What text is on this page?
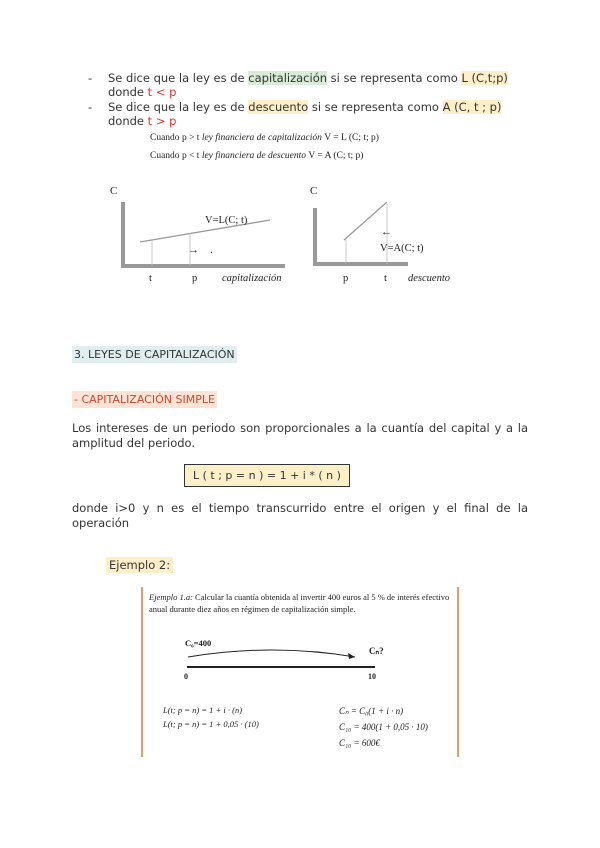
- Se dice que la ley es de capitalización si se representa como L (C,t;p)
donde t < p
- Se dice que la ley es de descuento si se representa como A (C, t ; p)
donde t > p
Cuando p > t ley financiera de capitalización V = L (C; t; p)
Cuando p < t ley financiera de descuento V = A (C; t; p)
C
V=L(C; t)
→ .
t	p capitalización
C
←
V=A(C; t)
p	t descuento
3. LEYES DE CAPITALIZACIÓN
- CAPITALIZACIÓN SIMPLE
Los intereses de un periodo son proporcionales a la cuantía del capital y a la amplitud del periodo.
L ( t ; p = n ) = 1 + i * ( n )
donde i>0 y n es el tiempo transcurrido entre el origen y el final de la operación
Ejemplo 2:
Ejemplo 1.a: Calcular la cuantía obtenida al invertir 400 euros al 5 % de interés efectivo anual durante diez años en régimen de capitalización simple.
C₀=400
Cₙ?
0	10
L(t; p = n) = 1 + i · (n)
L(t; p = n) = 1 + 0,05 · (10)
Cₙ = C₀(1 + i · n)
C₁₀ = 400(1 + 0,05 · 10)
C₁₀ = 600€
